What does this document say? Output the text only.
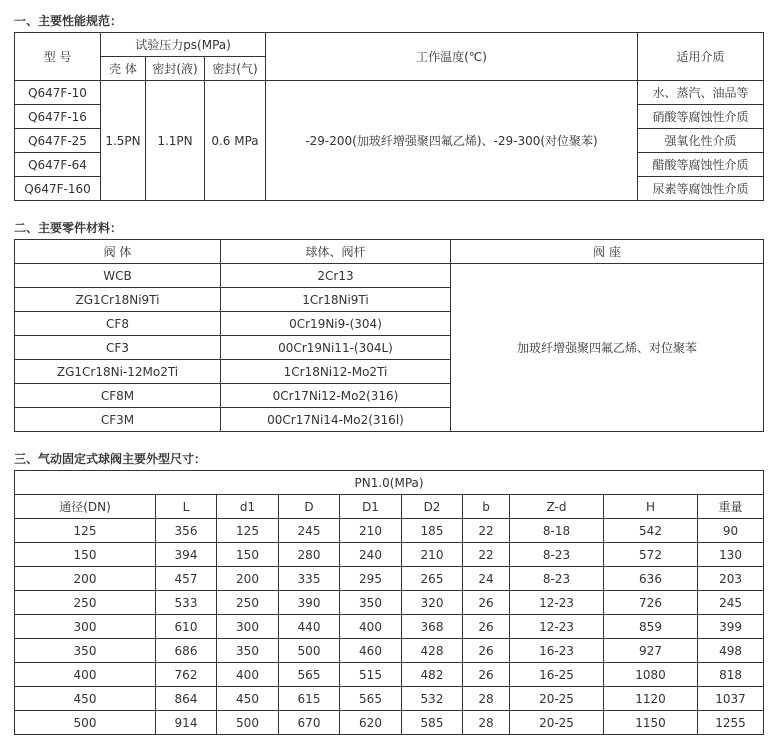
一、主要性能规范：
型 号	试验压力ps(MPa)			工作温度(℃)	适用介质
	壳 体	密封(液)	密封(气)		
Q647F-10	1.5PN	1.1PN	0.6 MPa	-29-200(加玻纤增强聚四氟乙烯)、-29-300(对位聚苯)	水、蒸汽、油品等
Q647F-16					硝酸等腐蚀性介质
Q647F-25					强氧化性介质
Q647F-64					醋酸等腐蚀性介质
Q647F-160					尿素等腐蚀性介质
二、主要零件材料：
阀 体	球体、阀杆	阀 座
WCB	2Cr13	加玻纤增强聚四氟乙烯、对位聚苯
ZG1Cr18Ni9Ti	1Cr18Ni9Ti	
CF8	0Cr19Ni9-(304)	
CF3	00Cr19Ni11-(304L)	
ZG1Cr18Ni-12Mo2Ti	1Cr18Ni12-Mo2Ti	
CF8M	0Cr17Ni12-Mo2(316)	
CF3M	00Cr17Ni14-Mo2(316l)	
三、气动固定式球阀主要外型尺寸：
PN1.0(MPa)									
通径(DN)	L	d1	D	D1	D2	b	Z-d	H	重量
125	356	125	245	210	185	22	8-18	542	90
150	394	150	280	240	210	22	8-23	572	130
200	457	200	335	295	265	24	8-23	636	203
250	533	250	390	350	320	26	12-23	726	245
300	610	300	440	400	368	26	12-23	859	399
350	686	350	500	460	428	26	16-23	927	498
400	762	400	565	515	482	26	16-25	1080	818
450	864	450	615	565	532	28	20-25	1120	1037
500	914	500	670	620	585	28	20-25	1150	1255
